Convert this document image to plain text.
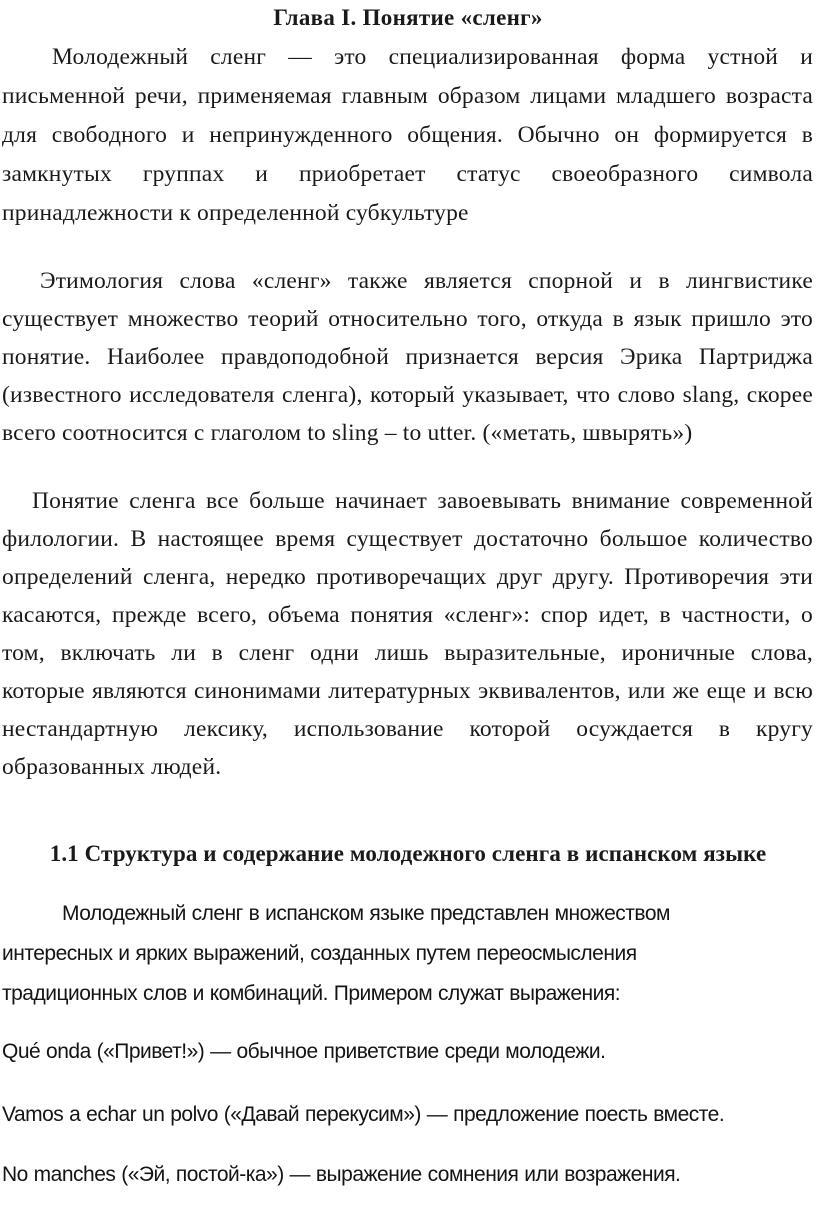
Глава I. Понятие «сленг»

Молодежный сленг — это специализированная форма устной и письменной речи, применяемая главным образом лицами младшего возраста для свободного и непринужденного общения. Обычно он формируется в замкнутых группах и приобретает статус своеобразного символа принадлежности к определенной субкультуре

Этимология слова «сленг» также является спорной и в лингвистике существует множество теорий относительно того, откуда в язык пришло это понятие. Наиболее правдоподобной признается версия Эрика Партриджа (известного исследователя сленга), который указывает, что слово slang, скорее всего соотносится с глаголом to sling – to utter. («метать, швырять»)

Понятие сленга все больше начинает завоевывать внимание современной филологии. В настоящее время существует достаточно большое количество определений сленга, нередко противоречащих друг другу. Противоречия эти касаются, прежде всего, объема понятия «сленг»: спор идет, в частности, о том, включать ли в сленг одни лишь выразительные, ироничные слова, которые являются синонимами литературных эквивалентов, или же еще и всю нестандартную лексику, использование которой осуждается в кругу образованных людей.

1.1 Структура и содержание молодежного сленга в испанском языке

Молодежный сленг в испанском языке представлен множеством интересных и ярких выражений, созданных путем переосмысления традиционных слов и комбинаций. Примером служат выражения:

Qué onda («Привет!») — обычное приветствие среди молодежи.

Vamos a echar un polvo («Давай перекусим») — предложение поесть вместе.

No manches («Эй, постой-ка») — выражение сомнения или возражения.
